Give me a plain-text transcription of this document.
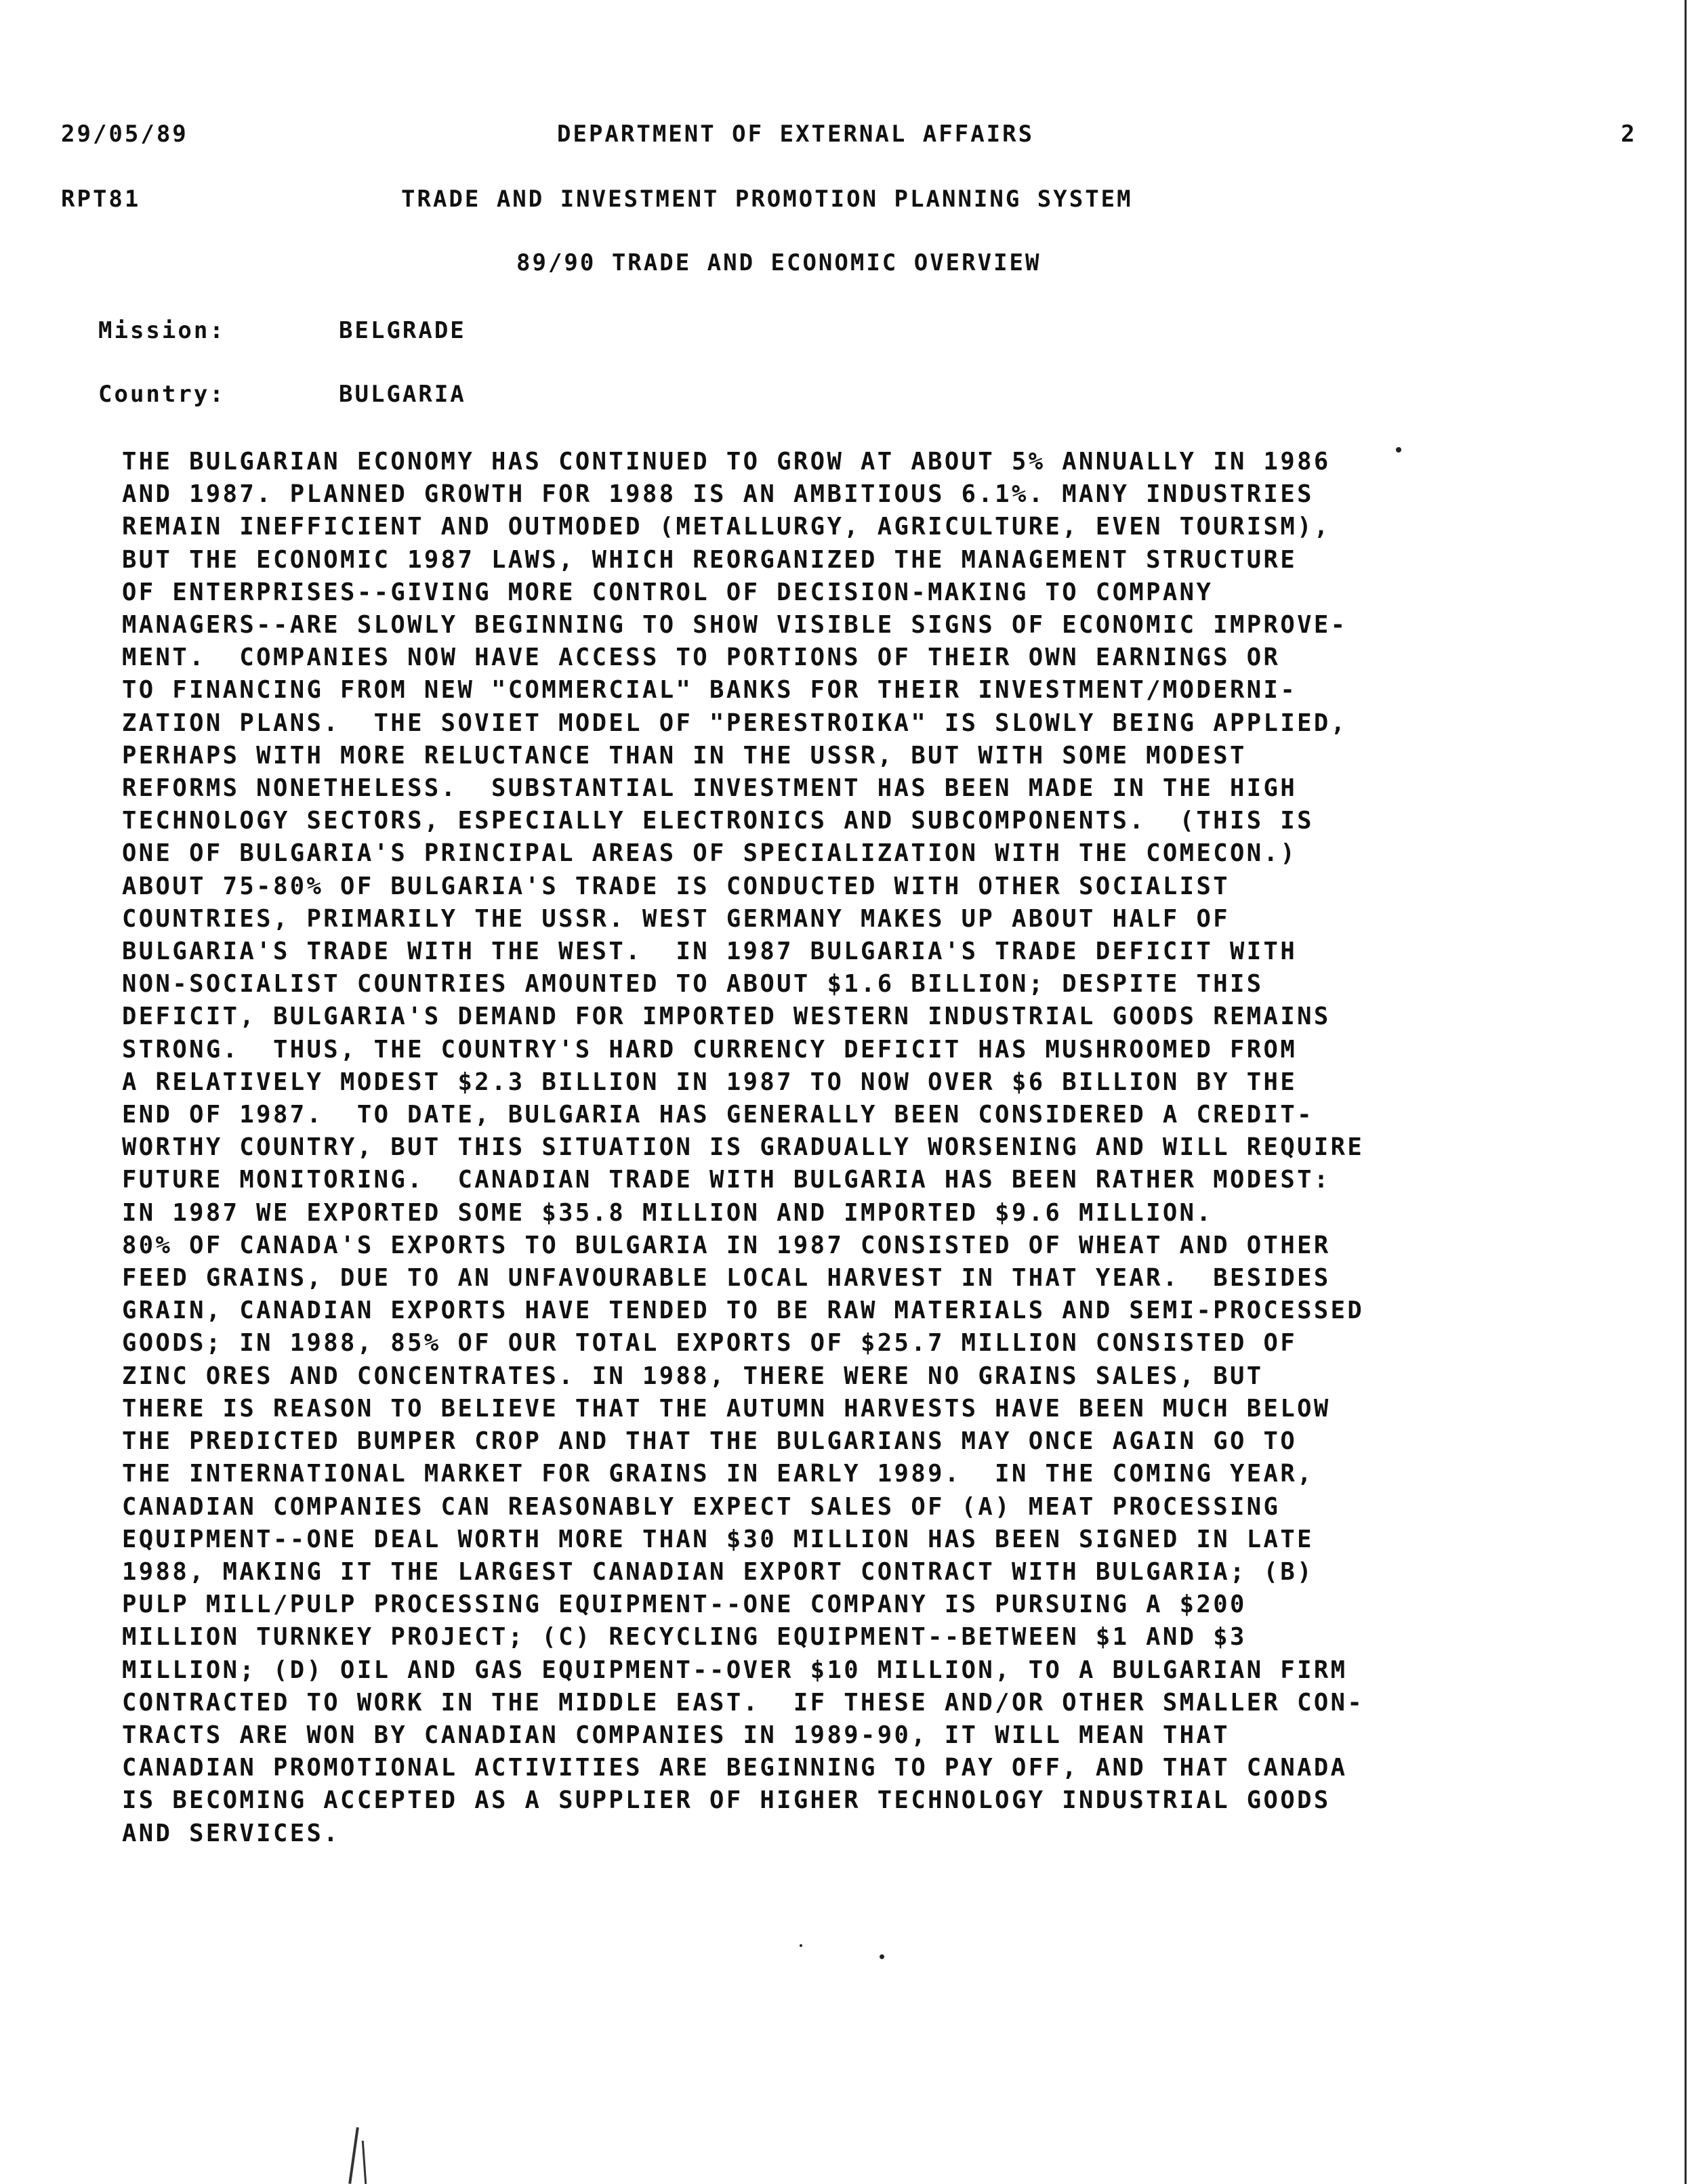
29/05/89	DEPARTMENT OF EXTERNAL AFFAIRS	2
RPT81	TRADE AND INVESTMENT PROMOTION PLANNING SYSTEM
89/90 TRADE AND ECONOMIC OVERVIEW
Mission:	BELGRADE
Country:	BULGARIA
THE BULGARIAN ECONOMY HAS CONTINUED TO GROW AT ABOUT 5% ANNUALLY IN 1986
AND 1987. PLANNED GROWTH FOR 1988 IS AN AMBITIOUS 6.1%. MANY INDUSTRIES
REMAIN INEFFICIENT AND OUTMODED (METALLURGY, AGRICULTURE, EVEN TOURISM),
BUT THE ECONOMIC 1987 LAWS, WHICH REORGANIZED THE MANAGEMENT STRUCTURE
OF ENTERPRISES--GIVING MORE CONTROL OF DECISION-MAKING TO COMPANY
MANAGERS--ARE SLOWLY BEGINNING TO SHOW VISIBLE SIGNS OF ECONOMIC IMPROVE-
MENT.  COMPANIES NOW HAVE ACCESS TO PORTIONS OF THEIR OWN EARNINGS OR
TO FINANCING FROM NEW "COMMERCIAL" BANKS FOR THEIR INVESTMENT/MODERNI-
ZATION PLANS.  THE SOVIET MODEL OF "PERESTROIKA" IS SLOWLY BEING APPLIED,
PERHAPS WITH MORE RELUCTANCE THAN IN THE USSR, BUT WITH SOME MODEST
REFORMS NONETHELESS.  SUBSTANTIAL INVESTMENT HAS BEEN MADE IN THE HIGH
TECHNOLOGY SECTORS, ESPECIALLY ELECTRONICS AND SUBCOMPONENTS.  (THIS IS
ONE OF BULGARIA'S PRINCIPAL AREAS OF SPECIALIZATION WITH THE COMECON.)
ABOUT 75-80% OF BULGARIA'S TRADE IS CONDUCTED WITH OTHER SOCIALIST
COUNTRIES, PRIMARILY THE USSR. WEST GERMANY MAKES UP ABOUT HALF OF
BULGARIA'S TRADE WITH THE WEST.  IN 1987 BULGARIA'S TRADE DEFICIT WITH
NON-SOCIALIST COUNTRIES AMOUNTED TO ABOUT $1.6 BILLION; DESPITE THIS
DEFICIT, BULGARIA'S DEMAND FOR IMPORTED WESTERN INDUSTRIAL GOODS REMAINS
STRONG.  THUS, THE COUNTRY'S HARD CURRENCY DEFICIT HAS MUSHROOMED FROM
A RELATIVELY MODEST $2.3 BILLION IN 1987 TO NOW OVER $6 BILLION BY THE
END OF 1987.  TO DATE, BULGARIA HAS GENERALLY BEEN CONSIDERED A CREDIT-
WORTHY COUNTRY, BUT THIS SITUATION IS GRADUALLY WORSENING AND WILL REQUIRE
FUTURE MONITORING.  CANADIAN TRADE WITH BULGARIA HAS BEEN RATHER MODEST:
IN 1987 WE EXPORTED SOME $35.8 MILLION AND IMPORTED $9.6 MILLION.
80% OF CANADA'S EXPORTS TO BULGARIA IN 1987 CONSISTED OF WHEAT AND OTHER
FEED GRAINS, DUE TO AN UNFAVOURABLE LOCAL HARVEST IN THAT YEAR.  BESIDES
GRAIN, CANADIAN EXPORTS HAVE TENDED TO BE RAW MATERIALS AND SEMI-PROCESSED
GOODS; IN 1988, 85% OF OUR TOTAL EXPORTS OF $25.7 MILLION CONSISTED OF
ZINC ORES AND CONCENTRATES. IN 1988, THERE WERE NO GRAINS SALES, BUT
THERE IS REASON TO BELIEVE THAT THE AUTUMN HARVESTS HAVE BEEN MUCH BELOW
THE PREDICTED BUMPER CROP AND THAT THE BULGARIANS MAY ONCE AGAIN GO TO
THE INTERNATIONAL MARKET FOR GRAINS IN EARLY 1989.  IN THE COMING YEAR,
CANADIAN COMPANIES CAN REASONABLY EXPECT SALES OF (A) MEAT PROCESSING
EQUIPMENT--ONE DEAL WORTH MORE THAN $30 MILLION HAS BEEN SIGNED IN LATE
1988, MAKING IT THE LARGEST CANADIAN EXPORT CONTRACT WITH BULGARIA; (B)
PULP MILL/PULP PROCESSING EQUIPMENT--ONE COMPANY IS PURSUING A $200
MILLION TURNKEY PROJECT; (C) RECYCLING EQUIPMENT--BETWEEN $1 AND $3
MILLION; (D) OIL AND GAS EQUIPMENT--OVER $10 MILLION, TO A BULGARIAN FIRM
CONTRACTED TO WORK IN THE MIDDLE EAST.  IF THESE AND/OR OTHER SMALLER CON-
TRACTS ARE WON BY CANADIAN COMPANIES IN 1989-90, IT WILL MEAN THAT
CANADIAN PROMOTIONAL ACTIVITIES ARE BEGINNING TO PAY OFF, AND THAT CANADA
IS BECOMING ACCEPTED AS A SUPPLIER OF HIGHER TECHNOLOGY INDUSTRIAL GOODS
AND SERVICES.
